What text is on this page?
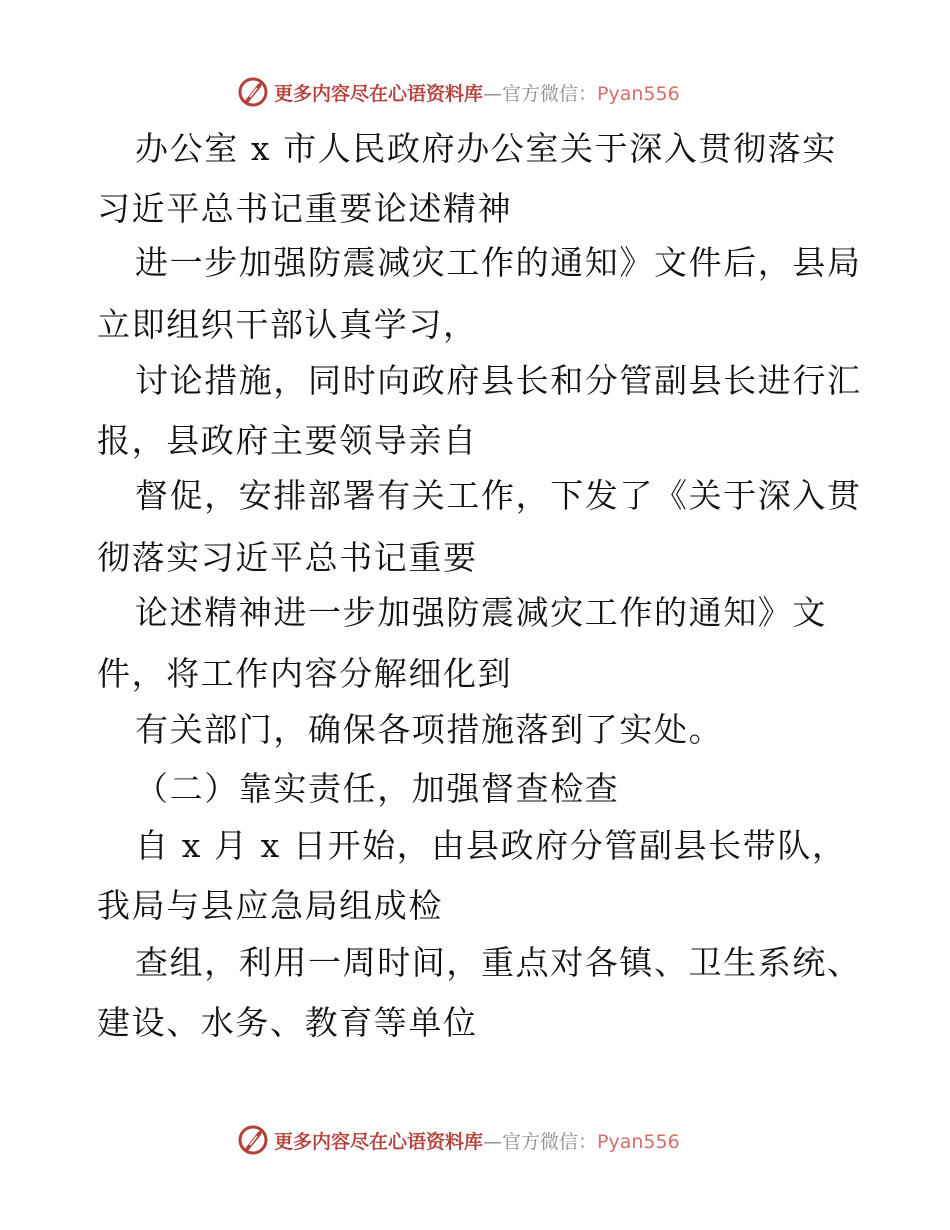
更多内容尽在心语资料库—官方微信：Pyan556
办公室 x 市人民政府办公室关于深入贯彻落实
习近平总书记重要论述精神
进一步加强防震减灾工作的通知》文件后，县局
立即组织干部认真学习，
讨论措施，同时向政府县长和分管副县长进行汇
报，县政府主要领导亲自
督促，安排部署有关工作，下发了《关于深入贯
彻落实习近平总书记重要
论述精神进一步加强防震减灾工作的通知》文
件，将工作内容分解细化到
有关部门，确保各项措施落到了实处。
（二）靠实责任，加强督查检查
自 x 月 x 日开始，由县政府分管副县长带队，
我局与县应急局组成检
查组，利用一周时间，重点对各镇、卫生系统、
建设、水务、教育等单位
更多内容尽在心语资料库—官方微信：Pyan556
